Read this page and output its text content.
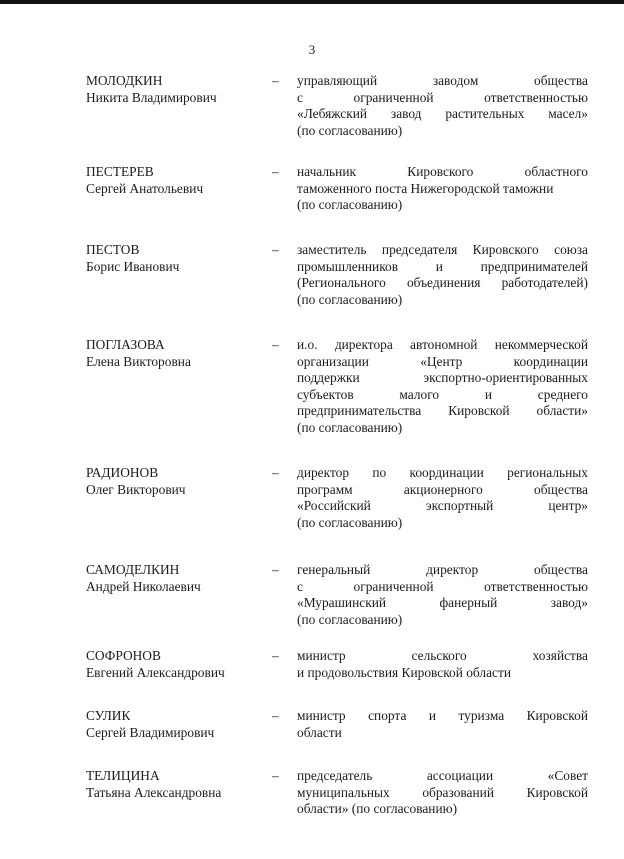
3
МОЛОДКИН
Никита Владимирович
– управляющий заводом общества
с ограниченной ответственностью
«Лебяжский завод растительных масел»
(по согласованию)
ПЕСТЕРЕВ
Сергей Анатольевич
– начальник Кировского областного
таможенного поста Нижегородской таможни
(по согласованию)
ПЕСТОВ
Борис Иванович
– заместитель председателя Кировского союза
промышленников и предпринимателей
(Регионального объединения работодателей)
(по согласованию)
ПОГЛАЗОВА
Елена Викторовна
– и.о. директора автономной некоммерческой
организации «Центр координации
поддержки экспортно-ориентированных
субъектов малого и среднего
предпринимательства Кировской области»
(по согласованию)
РАДИОНОВ
Олег Викторович
– директор по координации региональных
программ акционерного общества
«Российский экспортный центр»
(по согласованию)
САМОДЕЛКИН
Андрей Николаевич
– генеральный директор общества
с ограниченной ответственностью
«Мурашинский фанерный завод»
(по согласованию)
СОФРОНОВ
Евгений Александрович
– министр сельского хозяйства
и продовольствия Кировской области
СУЛИК
Сергей Владимирович
– министр спорта и туризма Кировской
области
ТЕЛИЦИНА
Татьяна Александровна
– председатель ассоциации «Совет
муниципальных образований Кировской
области» (по согласованию)
